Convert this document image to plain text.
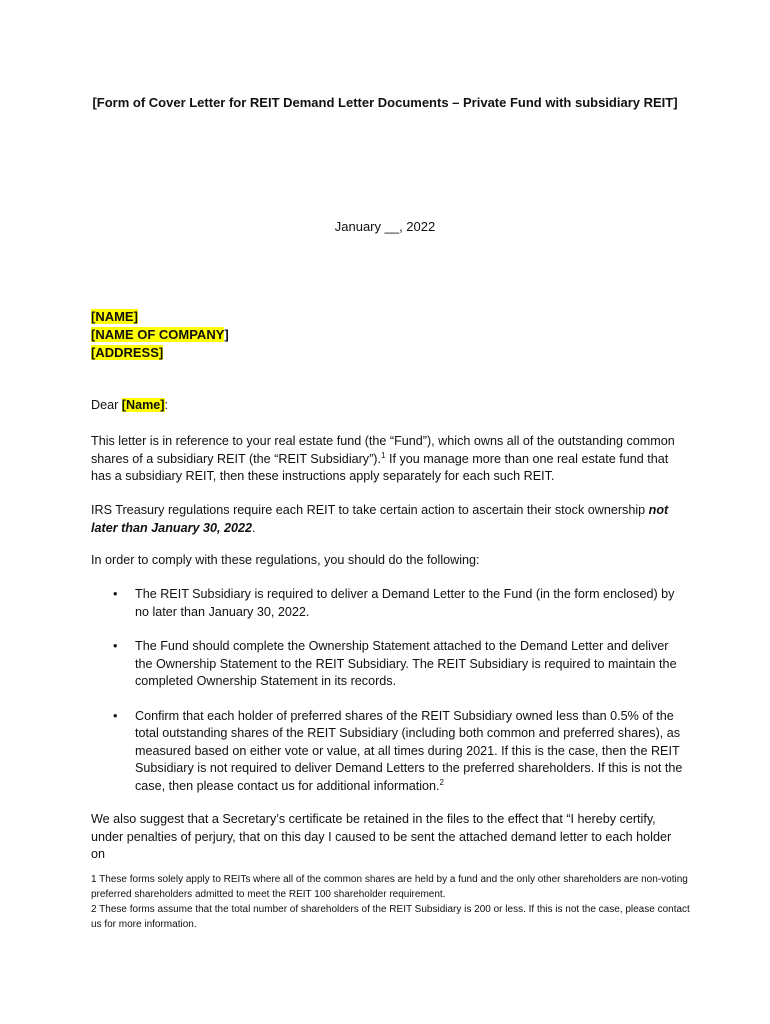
[Form of Cover Letter for REIT Demand Letter Documents – Private Fund with subsidiary REIT]
January __, 2022
[NAME]
[NAME OF COMPANY]
[ADDRESS]
Dear [Name]:

This letter is in reference to your real estate fund (the “Fund”), which owns all of the outstanding common shares of a subsidiary REIT (the “REIT Subsidiary”).$^1$ If you manage more than one real estate fund that has a subsidiary REIT, then these instructions apply separately for each such REIT.

IRS Treasury regulations require each REIT to take certain action to ascertain their stock ownership not later than January 30, 2022.

In order to comply with these regulations, you should do the following:
• The REIT Subsidiary is required to deliver a Demand Letter to the Fund (in the form enclosed) by no later than January 30, 2022.
• The Fund should complete the Ownership Statement attached to the Demand Letter and deliver the Ownership Statement to the REIT Subsidiary. The REIT Subsidiary is required to maintain the completed Ownership Statement in its records.
• Confirm that each holder of preferred shares of the REIT Subsidiary owned less than 0.5% of the total outstanding shares of the REIT Subsidiary (including both common and preferred shares), as measured based on either vote or value, at all times during 2021. If this is the case, then the REIT Subsidiary is not required to deliver Demand Letters to the preferred shareholders. If this is not the case, then please contact us for additional information.$^2$
We also suggest that a Secretary’s certificate be retained in the files to the effect that “I hereby certify, under penalties of perjury, that on this day I caused to be sent the attached demand letter to each holder on

1 These forms solely apply to REITs where all of the common shares are held by a fund and the only other shareholders are non-voting preferred shareholders admitted to meet the REIT 100 shareholder requirement.

2 These forms assume that the total number of shareholders of the REIT Subsidiary is 200 or less. If this is not the case, please contact us for more information.
